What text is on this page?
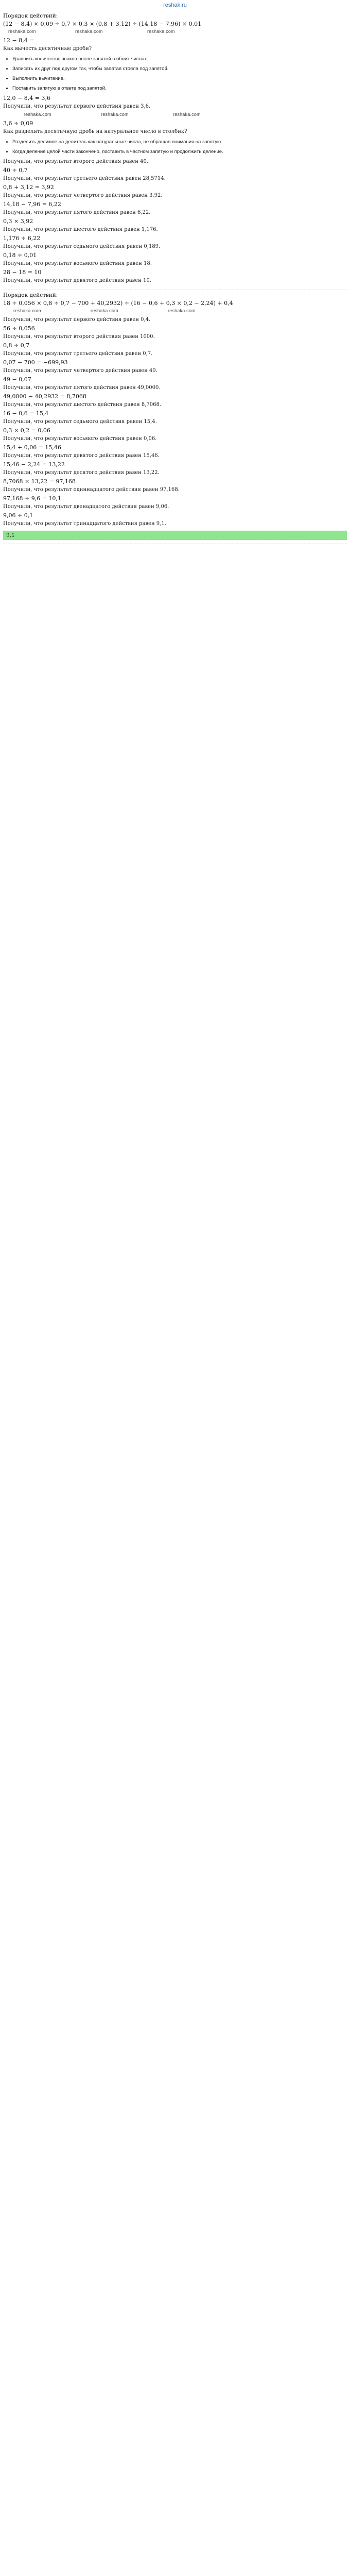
reshak.ru
Порядок действий:
(12 − 8,4) × 0,09 ÷ 0,7 × 0,3 × (0,8 + 3,12) ÷ (14,18 − 7,96) × 0,01
reshaka.com	reshaka.com	reshaka.com
12 − 8,4 =
Как вычесть десятичные дроби?
• Уравнить количество знаков после запятой в обоих числах.
• Записать их друг под другом так, чтобы запятая стояла под запятой.
• Выполнить вычитание.
• Поставить запятую в ответе под запятой.
12,0 − 8,4 = 3,6
Получили, что результат первого действия равен 3,6.
reshaka.com	reshaka.com	reshaka.com
3,6 ÷ 0,09
Как разделить десятичную дробь на натуральное число в столбик?
• Разделить делимое на делитель как натуральные числа, не обращая внимания на запятую.
• Когда деление целой части закончено, поставить в частном запятую и продолжить деление.
Получили, что результат второго действия равен 40.
40 ÷ 0,7
Получили, что результат третьего действия равен 28,5714.
0,8 + 3,12 = 3,92
Получили, что результат четвертого действия равен 3,92.
14,18 − 7,96 = 6,22
Получили, что результат пятого действия равен 6,22.
0,3 × 3,92
Получили, что результат шестого действия равен 1,176.
1,176 ÷ 6,22
Получили, что результат седьмого действия равен 0,189.
0,18 ÷ 0,01
Получили, что результат восьмого действия равен 18.
28 − 18 = 10
Получили, что результат девятого действия равен 10.
Порядок действий:
18 ÷ 0,056 × 0,8 ÷ 0,7 − 700 + 40,2932) ÷ (16 − 0,6 + 0,3 × 0,2 − 2,24) + 0,4
reshaka.com	reshaka.com	reshaka.com
Получили, что результат первого действия равен 0,4.
56 ÷ 0,056
Получили, что результат второго действия равен 1000.
0,8 ÷ 0,7
Получили, что результат третьего действия равен 0,7.
0,07 − 700 = −699,93
Получили, что результат четвертого действия равен 49.
49 − 0,07
Получили, что результат пятого действия равен 49,0000.
49,0000 − 40,2932 = 8,7068
Получили, что результат шестого действия равен 8,7068.
16 − 0,6 = 15,4
Получили, что результат седьмого действия равен 15,4.
0,3 × 0,2 = 0,06
Получили, что результат восьмого действия равен 0,06.
15,4 + 0,06 = 15,46
Получили, что результат девятого действия равен 15,46.
15,46 − 2,24 = 13,22
Получили, что результат десятого действия равен 13,22.
8,7068 × 13,22 = 97,168
Получили, что результат одиннадцатого действия равен 97,168.
97,168 ÷ 9,6 = 10,1
Получили, что результат двенадцатого действия равен 9,06.
9,06 ÷ 0,1
Получили, что результат тринадцатого действия равен 9,1.
9,1
